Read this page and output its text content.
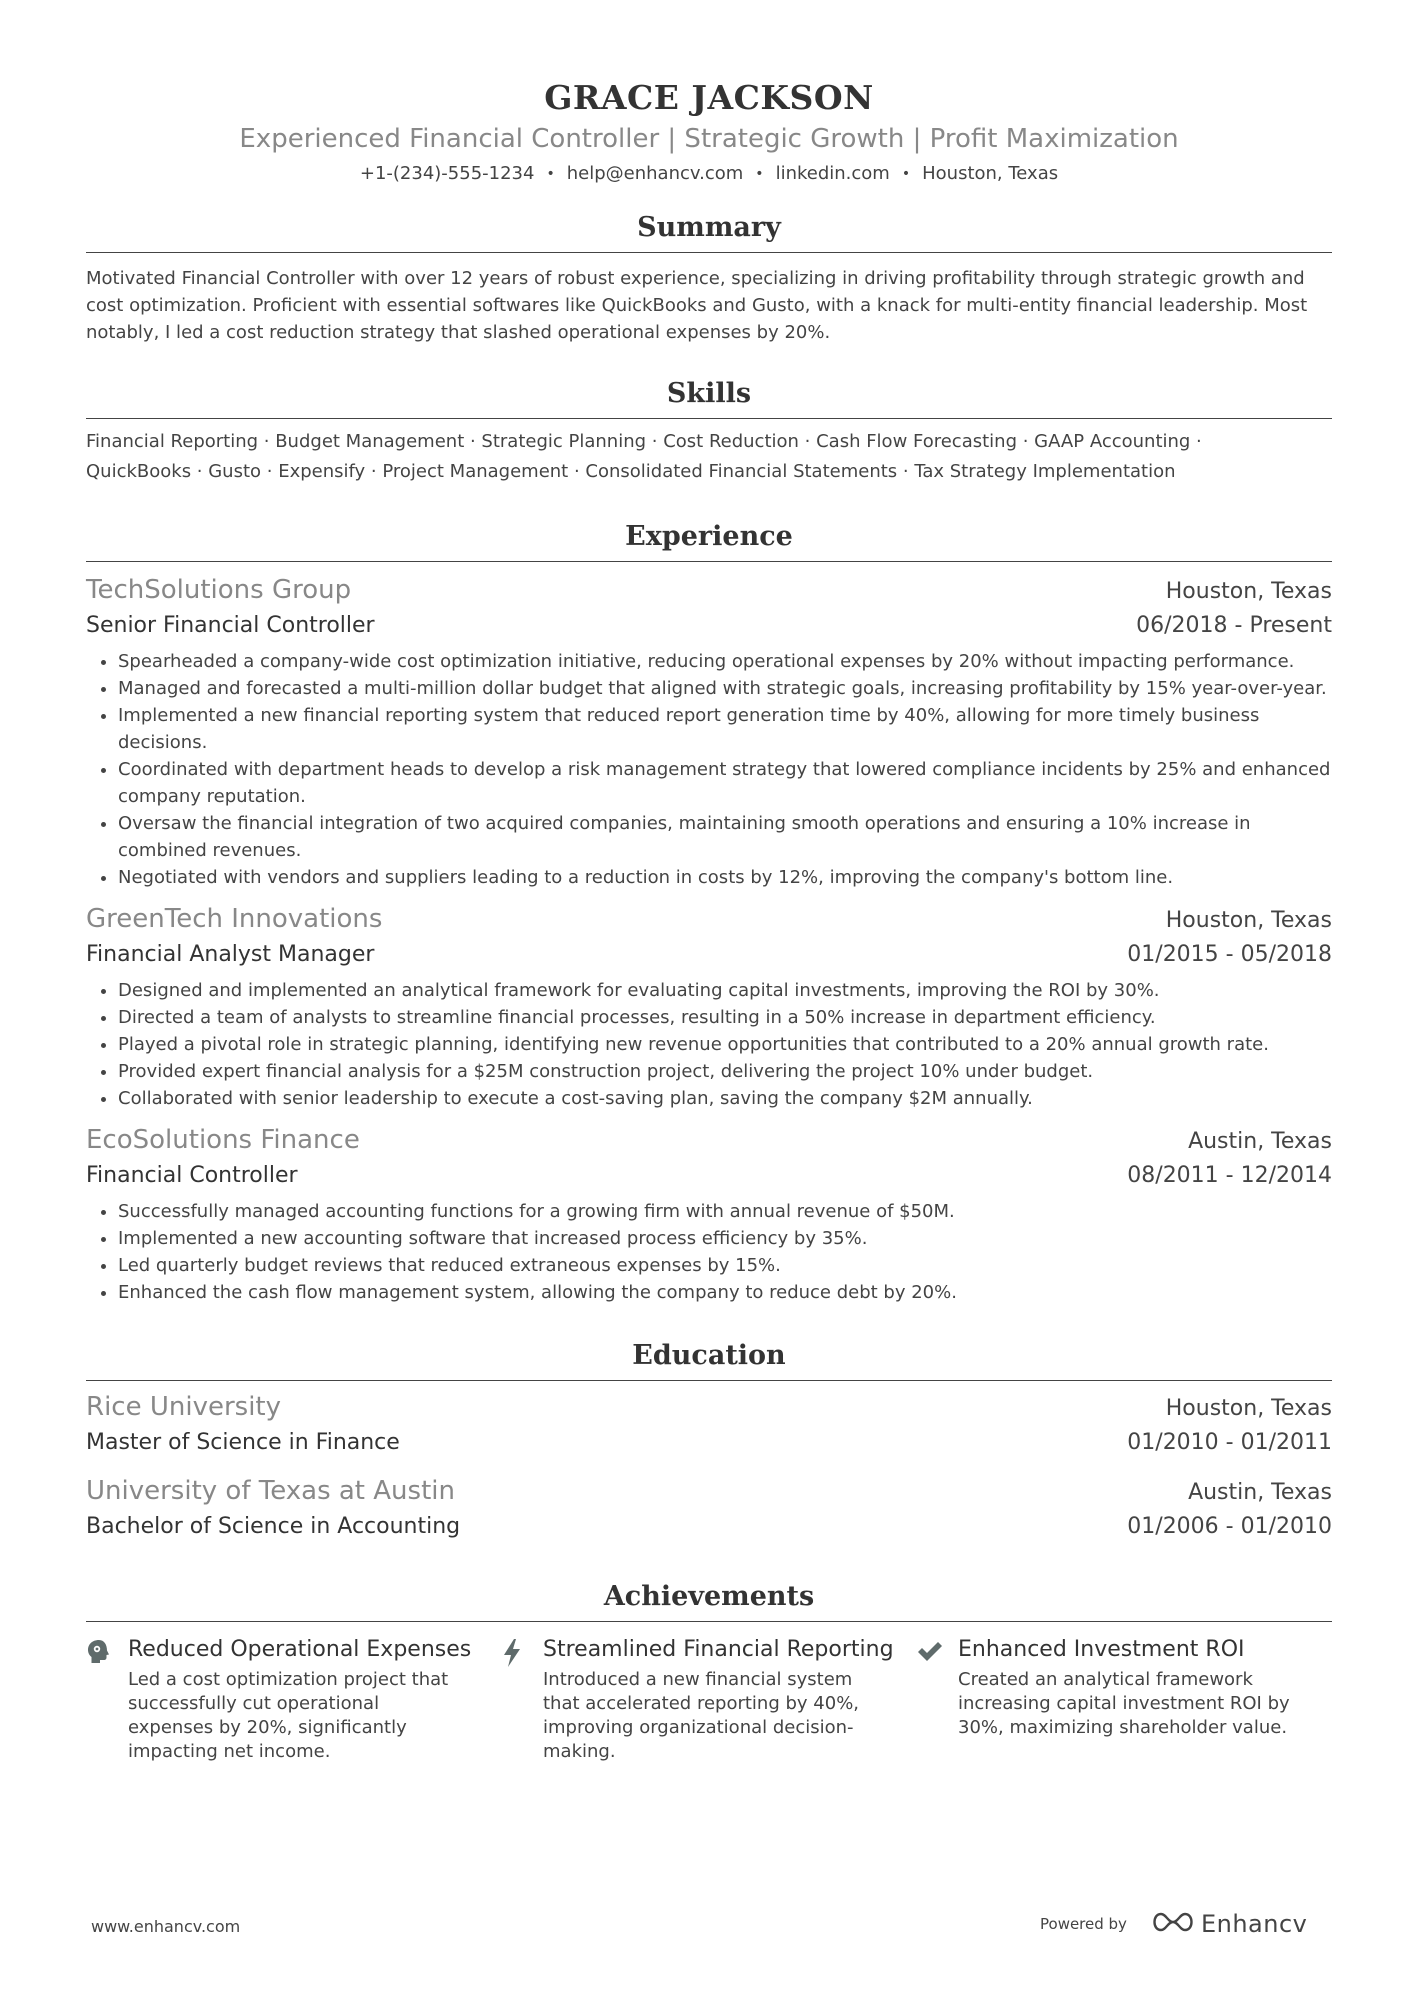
GRACE JACKSON
Experienced Financial Controller | Strategic Growth | Profit Maximization
+1-(234)-555-1234 • help@enhancv.com • linkedin.com • Houston, Texas
Summary
Motivated Financial Controller with over 12 years of robust experience, specializing in driving profitability through strategic growth and cost optimization. Proficient with essential softwares like QuickBooks and Gusto, with a knack for multi-entity financial leadership. Most notably, I led a cost reduction strategy that slashed operational expenses by 20%.
Skills
Financial Reporting · Budget Management · Strategic Planning · Cost Reduction · Cash Flow Forecasting · GAAP Accounting ·
QuickBooks · Gusto · Expensify · Project Management · Consolidated Financial Statements · Tax Strategy Implementation
Experience
TechSolutions Group	Houston, Texas
Senior Financial Controller	06/2018 - Present
• Spearheaded a company-wide cost optimization initiative, reducing operational expenses by 20% without impacting performance.
• Managed and forecasted a multi-million dollar budget that aligned with strategic goals, increasing profitability by 15% year-over-year.
• Implemented a new financial reporting system that reduced report generation time by 40%, allowing for more timely business decisions.
• Coordinated with department heads to develop a risk management strategy that lowered compliance incidents by 25% and enhanced company reputation.
• Oversaw the financial integration of two acquired companies, maintaining smooth operations and ensuring a 10% increase in combined revenues.
• Negotiated with vendors and suppliers leading to a reduction in costs by 12%, improving the company's bottom line.
GreenTech Innovations	Houston, Texas
Financial Analyst Manager	01/2015 - 05/2018
• Designed and implemented an analytical framework for evaluating capital investments, improving the ROI by 30%.
• Directed a team of analysts to streamline financial processes, resulting in a 50% increase in department efficiency.
• Played a pivotal role in strategic planning, identifying new revenue opportunities that contributed to a 20% annual growth rate.
• Provided expert financial analysis for a $25M construction project, delivering the project 10% under budget.
• Collaborated with senior leadership to execute a cost-saving plan, saving the company $2M annually.
EcoSolutions Finance	Austin, Texas
Financial Controller	08/2011 - 12/2014
• Successfully managed accounting functions for a growing firm with annual revenue of $50M.
• Implemented a new accounting software that increased process efficiency by 35%.
• Led quarterly budget reviews that reduced extraneous expenses by 15%.
• Enhanced the cash flow management system, allowing the company to reduce debt by 20%.
Education
Rice University	Houston, Texas
Master of Science in Finance	01/2010 - 01/2011
University of Texas at Austin	Austin, Texas
Bachelor of Science in Accounting	01/2006 - 01/2010
Achievements
Reduced Operational Expenses
Led a cost optimization project that successfully cut operational expenses by 20%, significantly impacting net income.
Streamlined Financial Reporting
Introduced a new financial system that accelerated reporting by 40%, improving organizational decision-making.
Enhanced Investment ROI
Created an analytical framework increasing capital investment ROI by 30%, maximizing shareholder value.
www.enhancv.com	Powered by	Enhancv
